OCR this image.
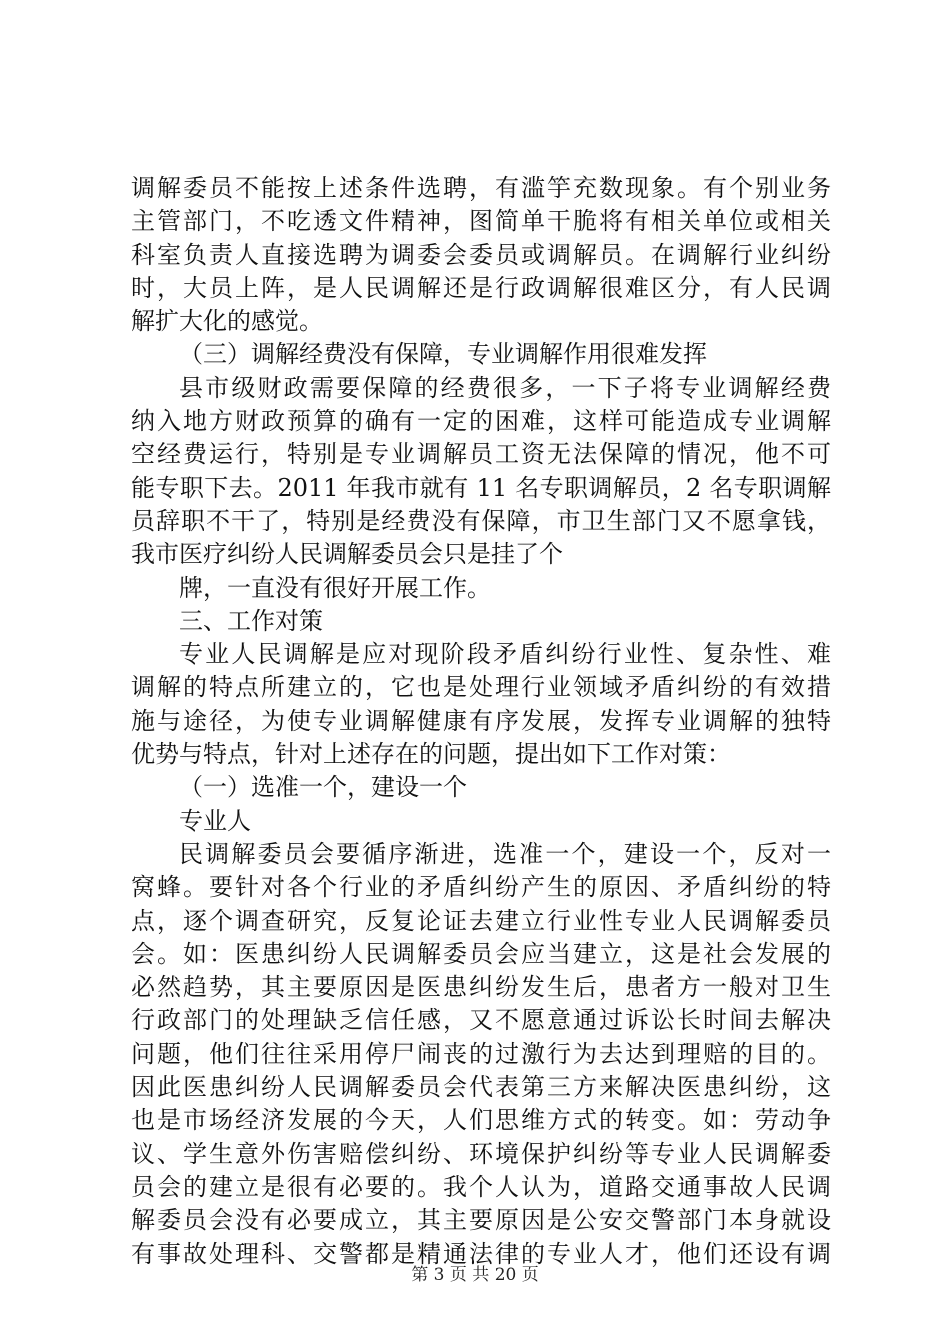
调解委员不能按上述条件选聘，有滥竽充数现象。有个别业务
主管部门，不吃透文件精神，图简单干脆将有相关单位或相关
科室负责人直接选聘为调委会委员或调解员。在调解行业纠纷
时，大员上阵，是人民调解还是行政调解很难区分，有人民调
解扩大化的感觉。
（三）调解经费没有保障，专业调解作用很难发挥
县市级财政需要保障的经费很多，一下子将专业调解经费
纳入地方财政预算的确有一定的困难，这样可能造成专业调解
空经费运行，特别是专业调解员工资无法保障的情况，他不可
能专职下去。2011 年我市就有 11 名专职调解员，2 名专职调解
员辞职不干了，特别是经费没有保障，市卫生部门又不愿拿钱，
我市医疗纠纷人民调解委员会只是挂了个
牌，一直没有很好开展工作。
三、工作对策
专业人民调解是应对现阶段矛盾纠纷行业性、复杂性、难
调解的特点所建立的，它也是处理行业领域矛盾纠纷的有效措
施与途径，为使专业调解健康有序发展，发挥专业调解的独特
优势与特点，针对上述存在的问题，提出如下工作对策：
（一）选准一个，建设一个
专业人
民调解委员会要循序渐进，选准一个，建设一个，反对一
窝蜂。要针对各个行业的矛盾纠纷产生的原因、矛盾纠纷的特
点，逐个调查研究，反复论证去建立行业性专业人民调解委员
会。如：医患纠纷人民调解委员会应当建立，这是社会发展的
必然趋势，其主要原因是医患纠纷发生后，患者方一般对卫生
行政部门的处理缺乏信任感，又不愿意通过诉讼长时间去解决
问题，他们往往采用停尸闹丧的过激行为去达到理赔的目的。
因此医患纠纷人民调解委员会代表第三方来解决医患纠纷，这
也是市场经济发展的今天，人们思维方式的转变。如：劳动争
议、学生意外伤害赔偿纠纷、环境保护纠纷等专业人民调解委
员会的建立是很有必要的。我个人认为，道路交通事故人民调
解委员会没有必要成立，其主要原因是公安交警部门本身就设
有事故处理科、交警都是精通法律的专业人才，他们还设有调
第 3 页 共 20 页
